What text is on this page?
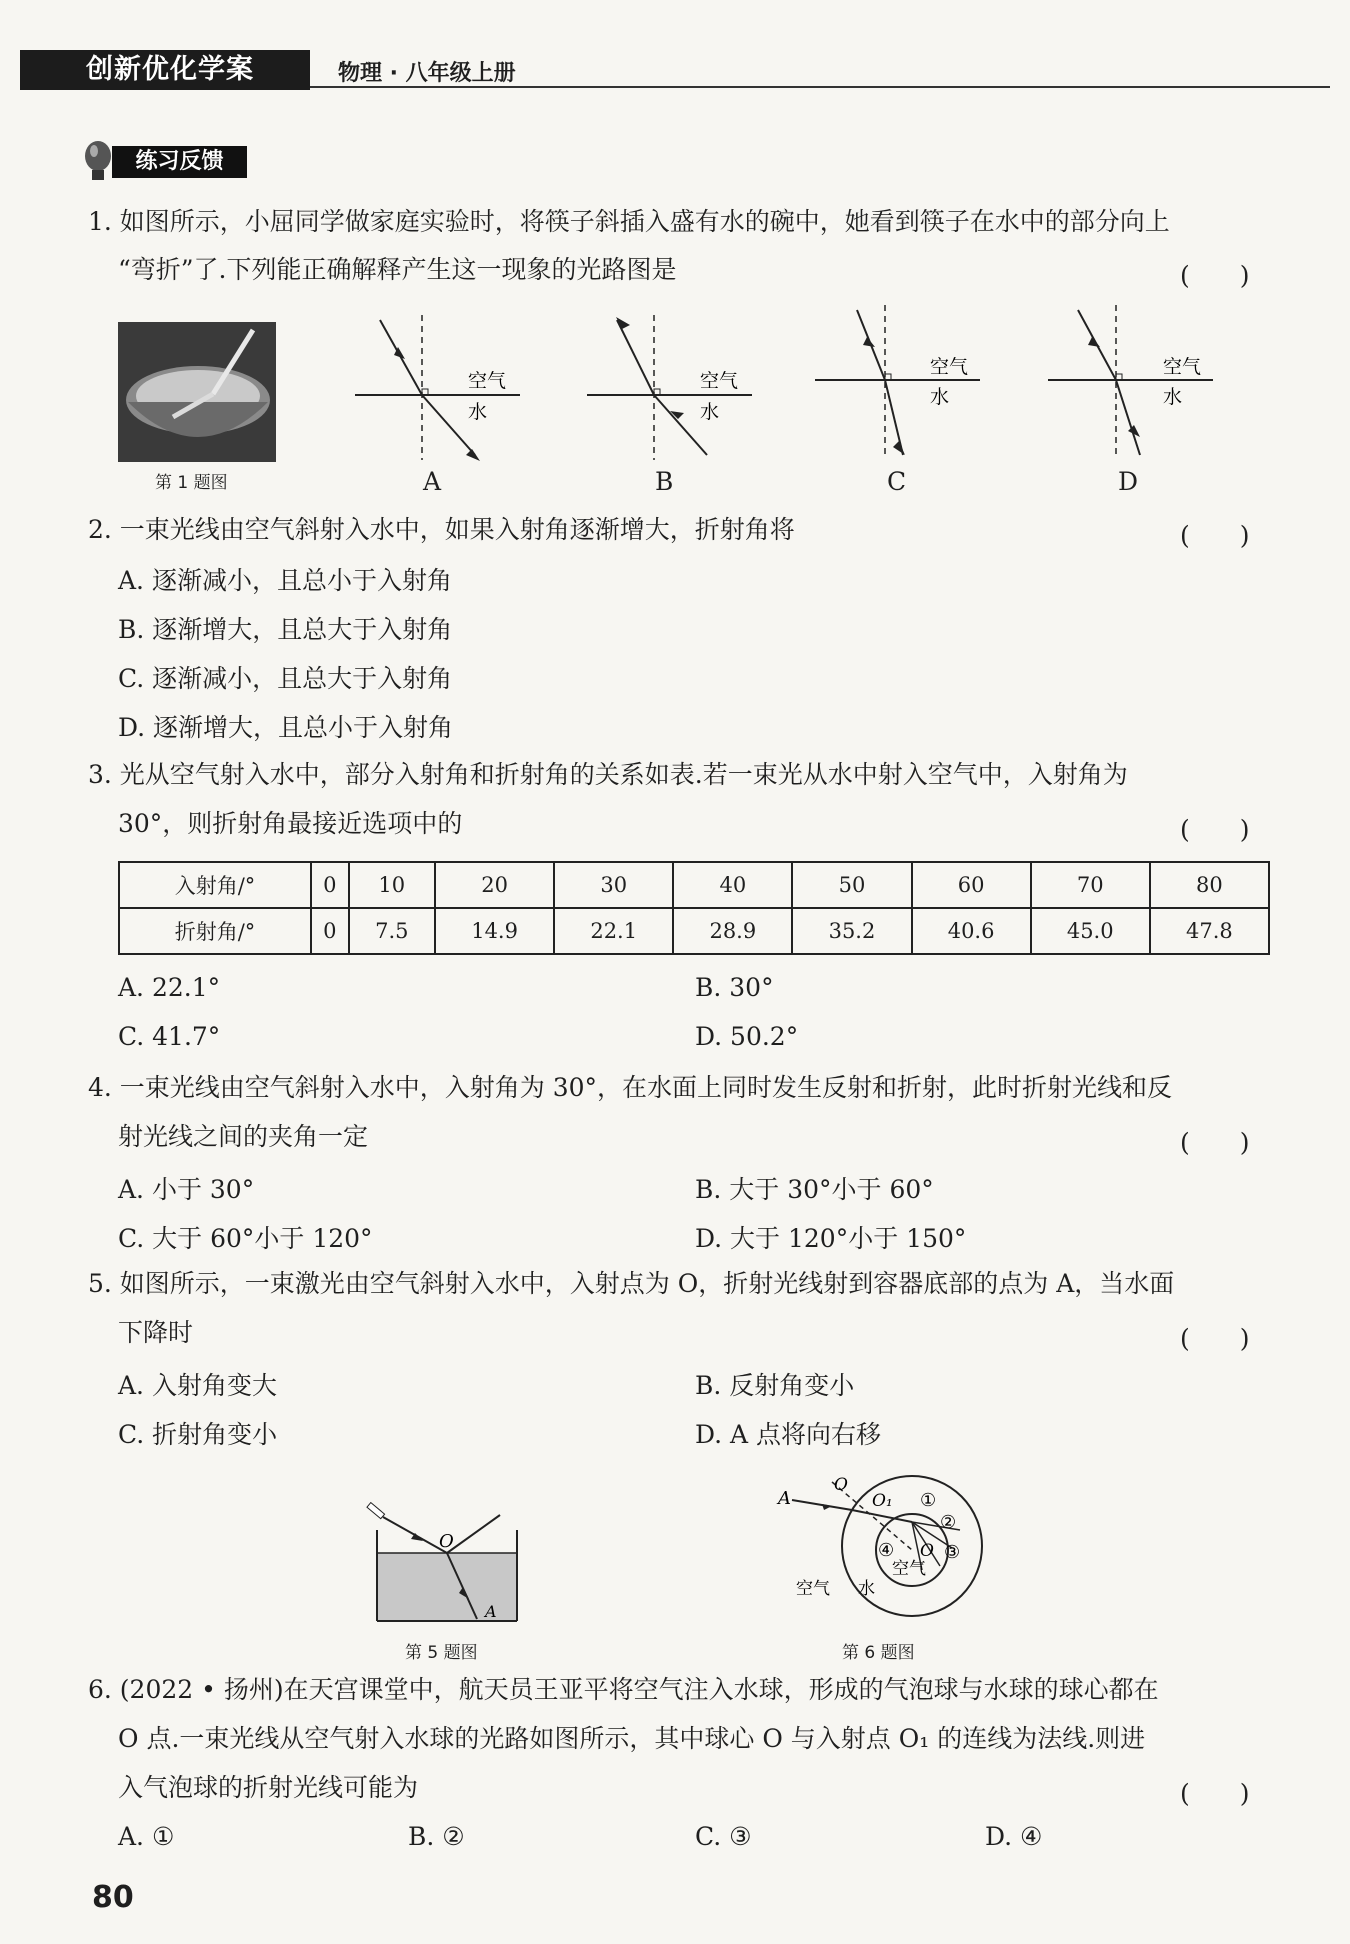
创新优化学案	物理 · 八年级上册
练习反馈
1. 如图所示，小屈同学做家庭实验时，将筷子斜插入盛有水的碗中，她看到筷子在水中的部分向上
“弯折”了.下列能正确解释产生这一现象的光路图是	(　　)
第 1 题图
空气
水
A
空气
水
B
空气
水
C
空气
水
D
2. 一束光线由空气斜射入水中，如果入射角逐渐增大，折射角将	(　　)
A. 逐渐减小，且总小于入射角
B. 逐渐增大，且总大于入射角
C. 逐渐减小，且总大于入射角
D. 逐渐增大，且总小于入射角
3. 光从空气射入水中，部分入射角和折射角的关系如表.若一束光从水中射入空气中，入射角为
30°，则折射角最接近选项中的	(　　)
入射角/°	0	10	20	30	40	50	60	70	80
折射角/°	0	7.5	14.9	22.1	28.9	35.2	40.6	45.0	47.8
A. 22.1°	B. 30°
C. 41.7°	D. 50.2°
4. 一束光线由空气斜射入水中，入射角为 30°，在水面上同时发生反射和折射，此时折射光线和反
射光线之间的夹角一定	(　　)
A. 小于 30°	B. 大于 30°小于 60°
C. 大于 60°小于 120°	D. 大于 120°小于 150°
5. 如图所示，一束激光由空气斜射入水中，入射点为 O，折射光线射到容器底部的点为 A，当水面
下降时	(　　)
A. 入射角变大	B. 反射角变小
C. 折射角变小	D. A 点将向右移
O
A
第 5 题图
A
O
O₁
O
①
②
③
④
空气
空气 水
第 6 题图
6. (2022 • 扬州)在天宫课堂中，航天员王亚平将空气注入水球，形成的气泡球与水球的球心都在
O 点.一束光线从空气射入水球的光路如图所示，其中球心 O 与入射点 O₁ 的连线为法线.则进
入气泡球的折射光线可能为	(　　)
A. ①	B. ②	C. ③	D. ④
80
